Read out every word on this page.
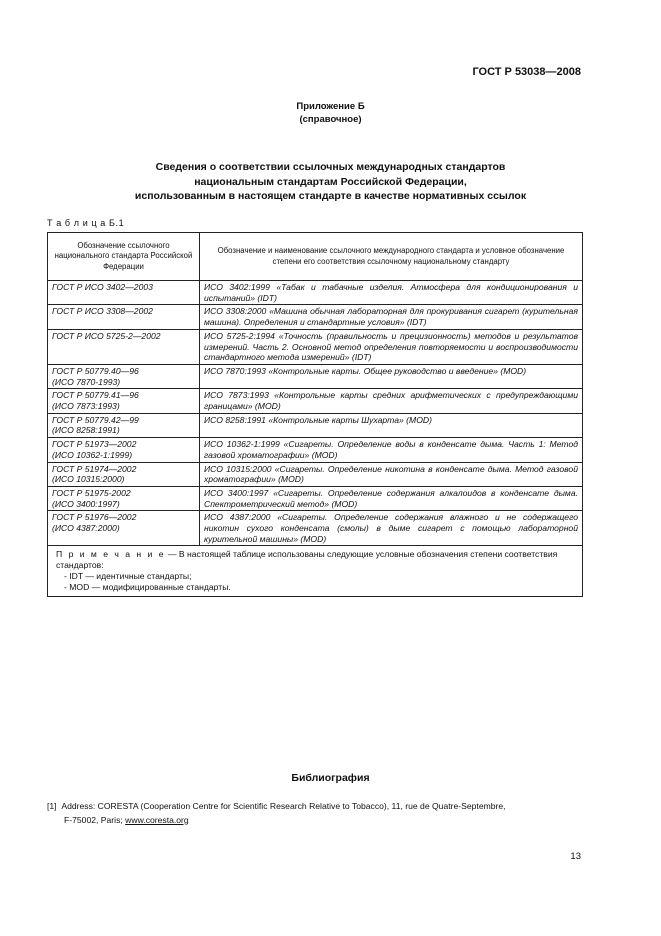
ГОСТ Р 53038—2008
Приложение Б
(справочное)
Сведения о соответствии ссылочных международных стандартов
национальным стандартам Российской Федерации,
использованным в настоящем стандарте в качестве нормативных ссылок
Т а б л и ц а Б.1
Обозначение ссылочного национального стандарта Российской Федерации	Обозначение и наименование ссылочного международного стандарта и условное обозначение степени его соответствия ссылочному национальному стандарту
ГОСТ Р ИСО 3402—2003	ИСО 3402:1999 «Табак и табачные изделия. Атмосфера для кондиционирования и испытаний» (IDT)
ГОСТ Р ИСО 3308—2002	ИСО 3308:2000 «Машина обычная лабораторная для прокуривания сигарет (курительная машина). Определения и стандартные условия» (IDT)
ГОСТ Р ИСО 5725-2—2002	ИСО 5725-2:1994 «Точность (правильность и прецизионность) методов и результатов измерений. Часть 2. Основной метод определения повторяемости и воспроизводимости стандартного метода измерений» (IDT)

ГОСТ Р 50779.40—96
(ИСО 7870-1993)	ИСО 7870:1993 «Контрольные карты. Общее руководство и введение» (MOD)

ГОСТ Р 50779.41—96
(ИСО 7873:1993)	ИСО 7873:1993 «Контрольные карты средних арифметических с предупреждающими границами» (MOD)

ГОСТ Р 50779.42—99
(ИСО 8258:1991)	ИСО 8258:1991 «Контрольные карты Шухарта» (MOD)

ГОСТ Р 51973—2002
(ИСО 10362-1:1999)	ИСО 10362-1:1999 «Сигареты. Определение воды в конденсате дыма. Часть 1: Метод газовой хроматографии» (MOD)

ГОСТ Р 51974—2002
(ИСО 10315:2000)	ИСО 10315:2000 «Сигареты. Определение никотина в конденсате дыма. Метод газовой хроматографии» (MOD)

ГОСТ Р 51975-2002
(ИСО 3400:1997)	ИСО 3400:1997 «Сигареты. Определение содержания алкалоидов в конденсате дыма. Спектрометрический метод» (MOD)

ГОСТ Р 51976—2002
(ИСО 4387:2000)	ИСО 4387:2000 «Сигареты. Определение содержания влажного и не содержащего никотин сухого конденсата (смолы) в дыме сигарет с помощью лабораторной курительной машины» (MOD)

П р и м е ч а н и е — В настоящей таблице использованы следующие условные обозначения степени соответствия стандартов:
- IDT — идентичные стандарты;
- MOD — модифицированные стандарты.	
Библиография
[1] Address: CORESTA (Cooperation Centre for Scientific Research Relative to Tobacco), 11, rue de Quatre-Septembre,
F-75002, Paris; www.coresta.org
13
